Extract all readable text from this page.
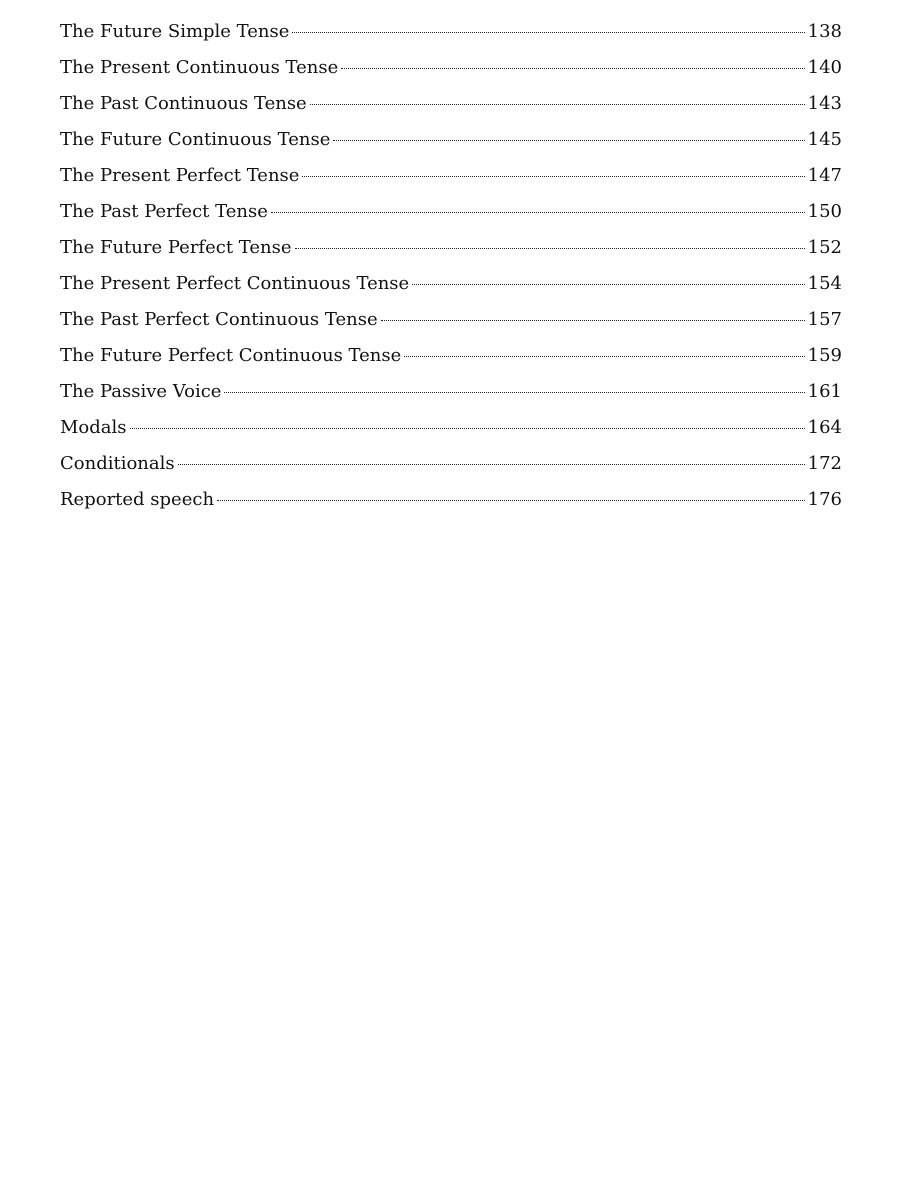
The Future Simple Tense	138
The Present Continuous Tense	140
The Past Continuous Tense	143
The Future Continuous Tense	145
The Present Perfect Tense	147
The Past Perfect Tense	150
The Future Perfect Tense	152
The Present Perfect Continuous Tense	154
The Past Perfect Continuous Tense	157
The Future Perfect Continuous Tense	159
The Passive Voice	161
Modals	164
Conditionals	172
Reported speech	176
